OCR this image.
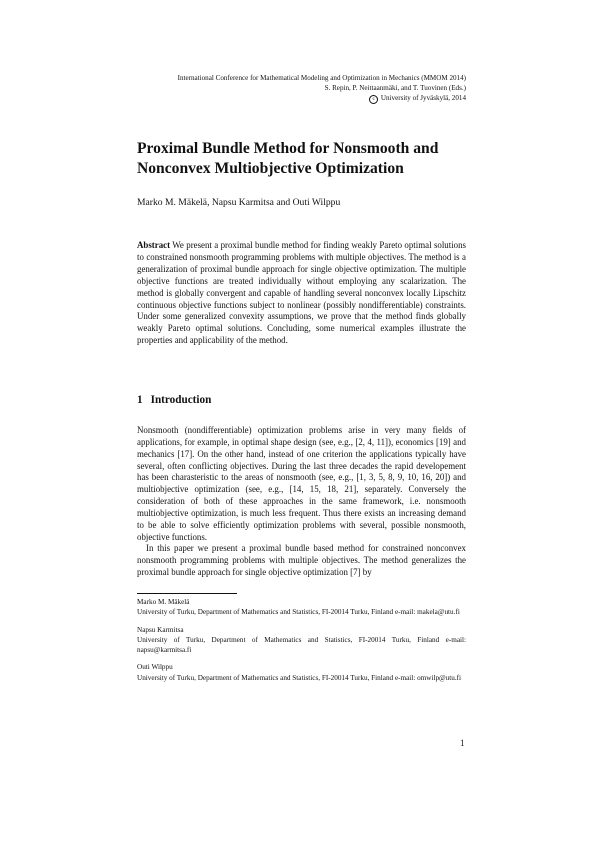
International Conference for Mathematical Modeling and Optimization in Mechanics (MMOM 2014)
S. Repin, P. Neittaanmäki, and T. Tuovinen (Eds.)
c University of Jyväskylä, 2014
Proximal Bundle Method for Nonsmooth and
Nonconvex Multiobjective Optimization
Marko M. Mäkelä, Napsu Karmitsa and Outi Wilppu
Abstract We present a proximal bundle method for finding weakly Pareto optimal solutions to constrained nonsmooth programming problems with multiple objectives. The method is a generalization of proximal bundle approach for single objective optimization. The multiple objective functions are treated individually without employing any scalarization. The method is globally convergent and capable of handling several nonconvex locally Lipschitz continuous objective functions subject to nonlinear (possibly nondifferentiable) constraints. Under some generalized convexity assumptions, we prove that the method finds globally weakly Pareto optimal solutions. Concluding, some numerical examples illustrate the properties and applicability of the method.
1 Introduction

Nonsmooth (nondifferentiable) optimization problems arise in very many fields of applications, for example, in optimal shape design (see, e.g., [2, 4, 11]), economics [19] and mechanics [17]. On the other hand, instead of one criterion the applications typically have several, often conflicting objectives. During the last three decades the rapid developement has been charasteristic to the areas of nonsmooth (see, e.g., [1, 3, 5, 8, 9, 10, 16, 20]) and multiobjective optimization (see, e.g., [14, 15, 18, 21], separately. Conversely the consideration of both of these approaches in the same framework, i.e. nonsmooth multiobjective optimization, is much less frequent. Thus there exists an increasing demand to be able to solve efficiently optimization problems with several, possible nonsmooth, objective functions.

In this paper we present a proximal bundle based method for constrained nonconvex nonsmooth programming problems with multiple objectives. The method generalizes the proximal bundle approach for single objective optimization [7] by

Marko M. Mäkelä
University of Turku, Department of Mathematics and Statistics, FI-20014 Turku, Finland e-mail: makela@utu.fi
Napsu Karmitsa
University of Turku, Department of Mathematics and Statistics, FI-20014 Turku, Finland e-mail: napsu@karmitsa.fi
Outi Wilppu
University of Turku, Department of Mathematics and Statistics, FI-20014 Turku, Finland e-mail: omwilp@utu.fi
1
